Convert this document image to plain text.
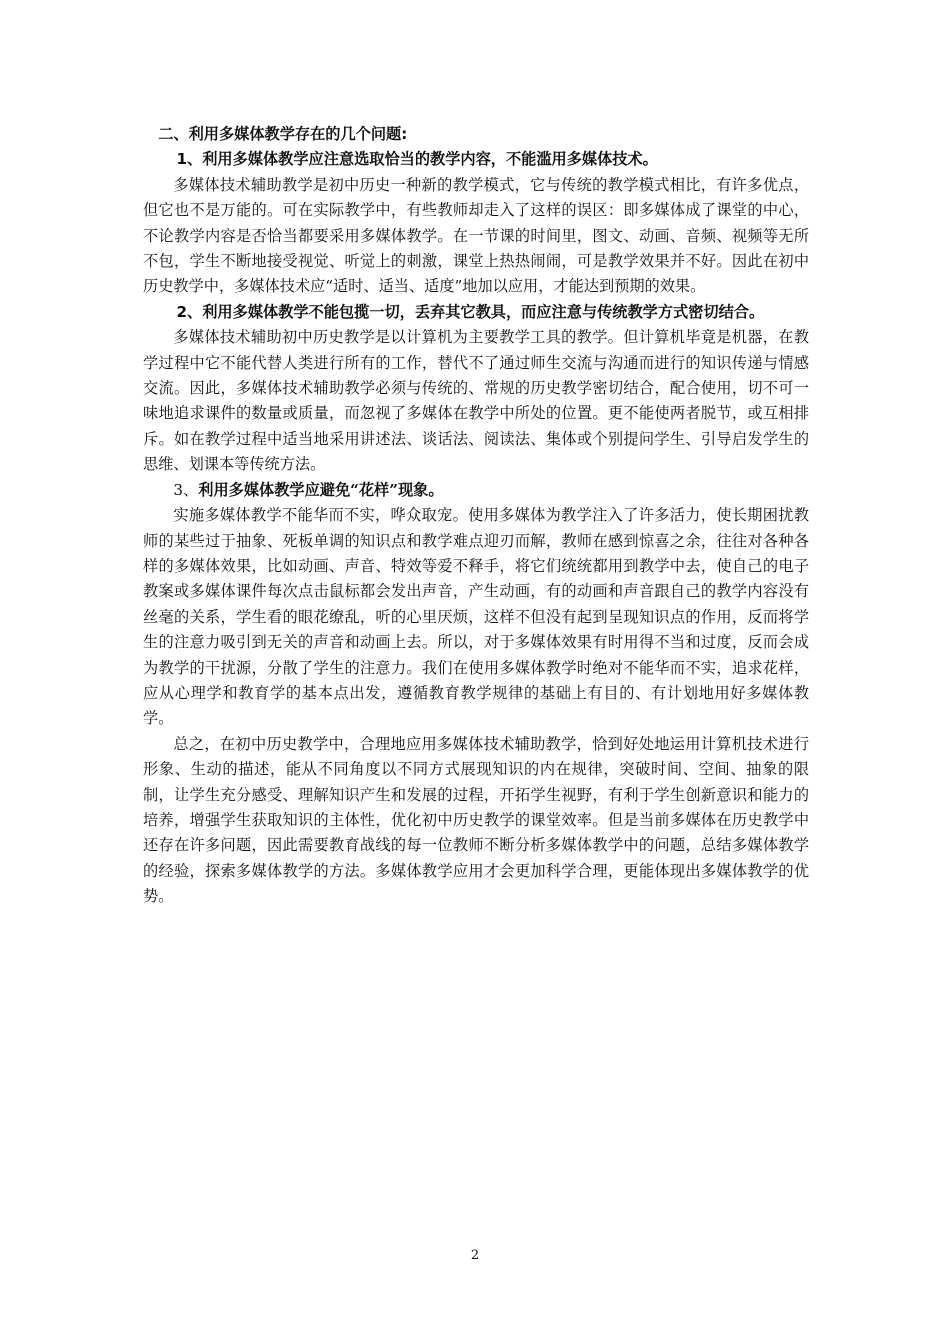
二、利用多媒体教学存在的几个问题:

1、利用多媒体教学应注意选取恰当的教学内容，不能滥用多媒体技术。

多媒体技术辅助教学是初中历史一种新的教学模式，它与传统的教学模式相比，有许多优点，但它也不是万能的。可在实际教学中，有些教师却走入了这样的误区：即多媒体成了课堂的中心，不论教学内容是否恰当都要采用多媒体教学。在一节课的时间里，图文、动画、音频、视频等无所不包，学生不断地接受视觉、听觉上的刺激，课堂上热热闹闹，可是教学效果并不好。因此在初中历史教学中，多媒体技术应“适时、适当、适度”地加以应用，才能达到预期的效果。

2、利用多媒体教学不能包揽一切，丢弃其它教具，而应注意与传统教学方式密切结合。

多媒体技术辅助初中历史教学是以计算机为主要教学工具的教学。但计算机毕竟是机器，在教学过程中它不能代替人类进行所有的工作，替代不了通过师生交流与沟通而进行的知识传递与情感交流。因此，多媒体技术辅助教学必须与传统的、常规的历史教学密切结合，配合使用，切不可一味地追求课件的数量或质量，而忽视了多媒体在教学中所处的位置。更不能使两者脱节，或互相排斥。如在教学过程中适当地采用讲述法、谈话法、阅读法、集体或个别提问学生、引导启发学生的思维、划课本等传统方法。

3、利用多媒体教学应避免“花样”现象。

实施多媒体教学不能华而不实，哗众取宠。使用多媒体为教学注入了许多活力，使长期困扰教师的某些过于抽象、死板单调的知识点和教学难点迎刃而解，教师在感到惊喜之余，往往对各种各样的多媒体效果，比如动画、声音、特效等爱不释手，将它们统统都用到教学中去，使自己的电子教案或多媒体课件每次点击鼠标都会发出声音，产生动画，有的动画和声音跟自己的教学内容没有丝毫的关系，学生看的眼花缭乱，听的心里厌烦，这样不但没有起到呈现知识点的作用，反而将学生的注意力吸引到无关的声音和动画上去。所以，对于多媒体效果有时用得不当和过度，反而会成为教学的干扰源，分散了学生的注意力。我们在使用多媒体教学时绝对不能华而不实，追求花样，应从心理学和教育学的基本点出发，遵循教育教学规律的基础上有目的、有计划地用好多媒体教学。

总之，在初中历史教学中，合理地应用多媒体技术辅助教学，恰到好处地运用计算机技术进行形象、生动的描述，能从不同角度以不同方式展现知识的内在规律，突破时间、空间、抽象的限制，让学生充分感受、理解知识产生和发展的过程，开拓学生视野，有利于学生创新意识和能力的培养，增强学生获取知识的主体性，优化初中历史教学的课堂效率。但是当前多媒体在历史教学中还存在许多问题，因此需要教育战线的每一位教师不断分析多媒体教学中的问题，总结多媒体教学的经验，探索多媒体教学的方法。多媒体教学应用才会更加科学合理，更能体现出多媒体教学的优势。

2
